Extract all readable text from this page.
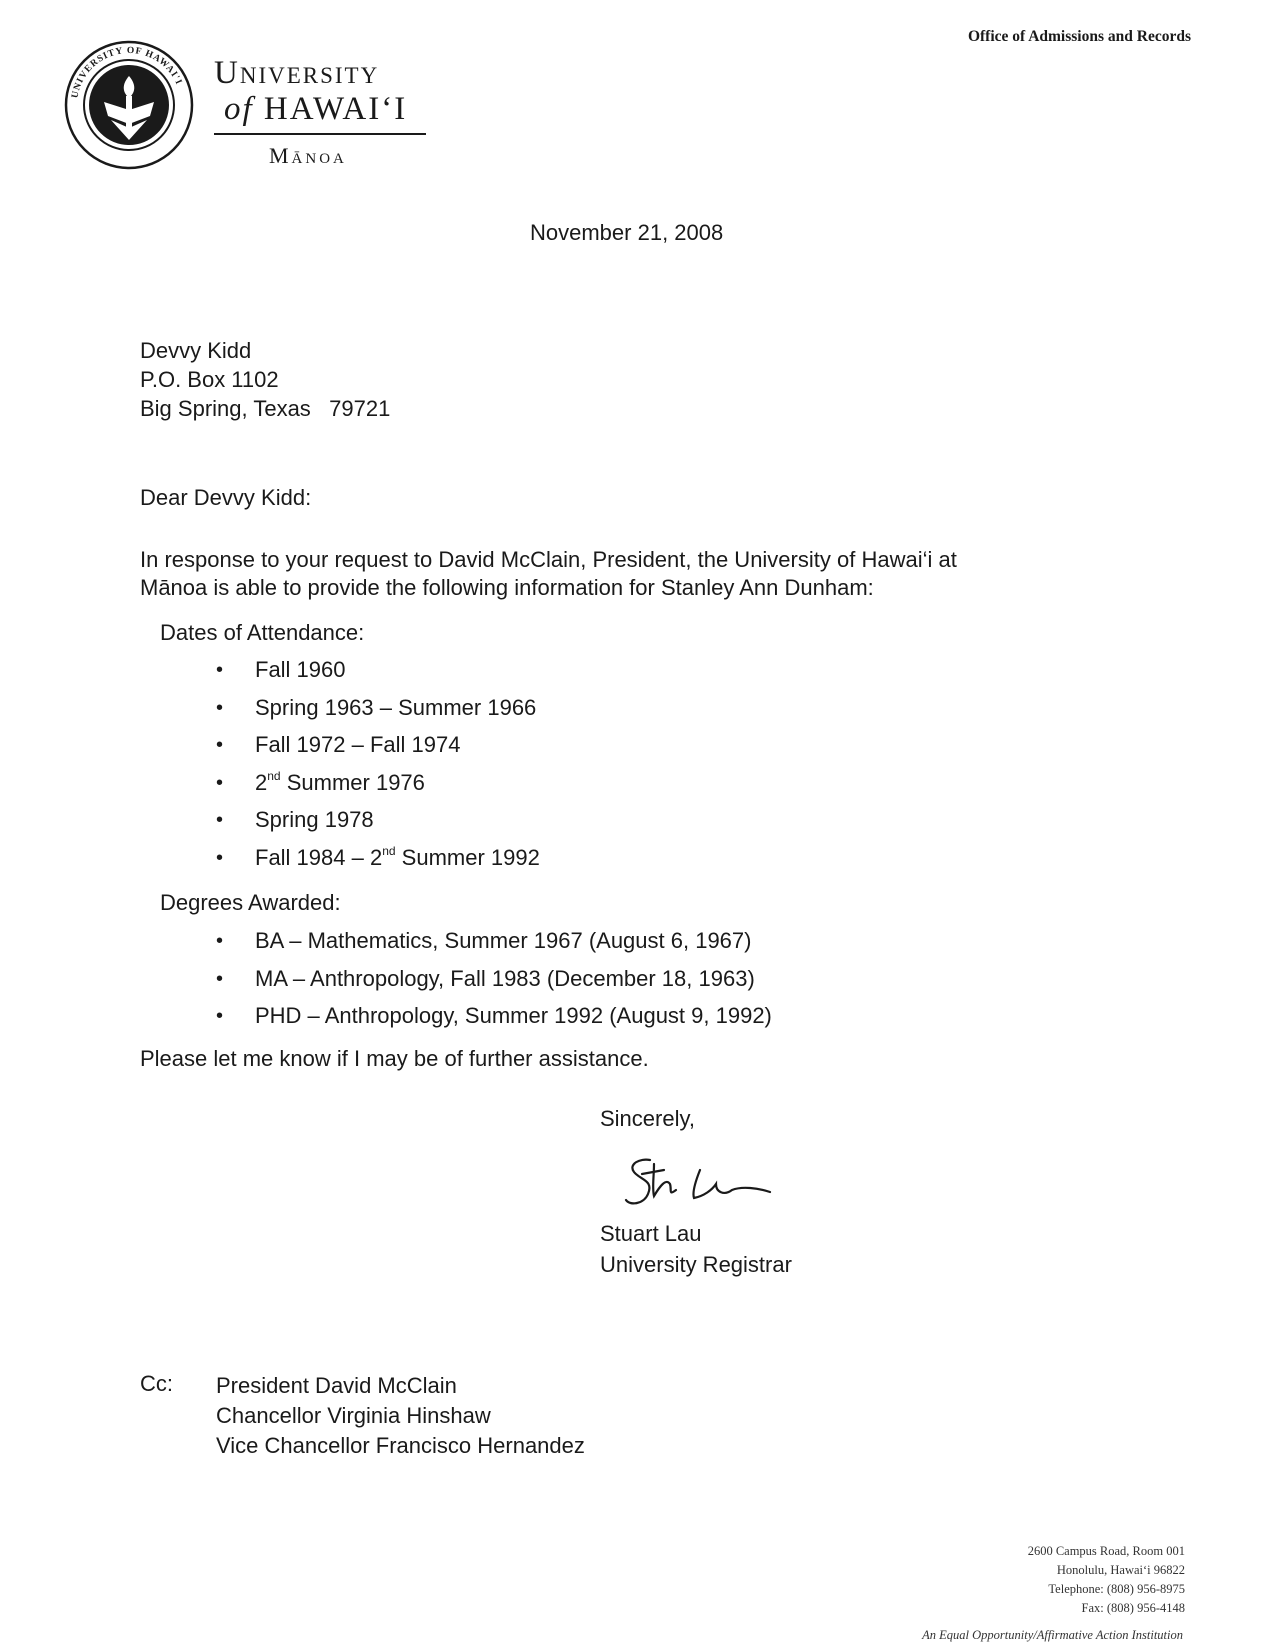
UNIVERSITY OF HAWAI'I University
of HAWAI‘I
Mānoa
Office of Admissions and Records
November 21, 2008
Devvy Kidd
P.O. Box 1102
Big Spring, Texas   79721
Dear Devvy Kidd:
In response to your request to David McClain, President, the University of Hawai‘i at
Mānoa is able to provide the following information for Stanley Ann Dunham:
Dates of Attendance:
• Fall 1960
• Spring 1963 – Summer 1966
• Fall 1972 – Fall 1974
• 2nd Summer 1976
• Spring 1978
• Fall 1984 – 2nd Summer 1992
Degrees Awarded:
• BA – Mathematics, Summer 1967 (August 6, 1967)
• MA – Anthropology, Fall 1983 (December 18, 1963)
• PHD – Anthropology, Summer 1992 (August 9, 1992)
Please let me know if I may be of further assistance.
Sincerely,
Stuart Lau
University Registrar
Cc: President David McClain
Chancellor Virginia Hinshaw
Vice Chancellor Francisco Hernandez
2600 Campus Road, Room 001
Honolulu, Hawai‘i 96822
Telephone: (808) 956-8975
Fax: (808) 956-4148
An Equal Opportunity/Affirmative Action Institution
